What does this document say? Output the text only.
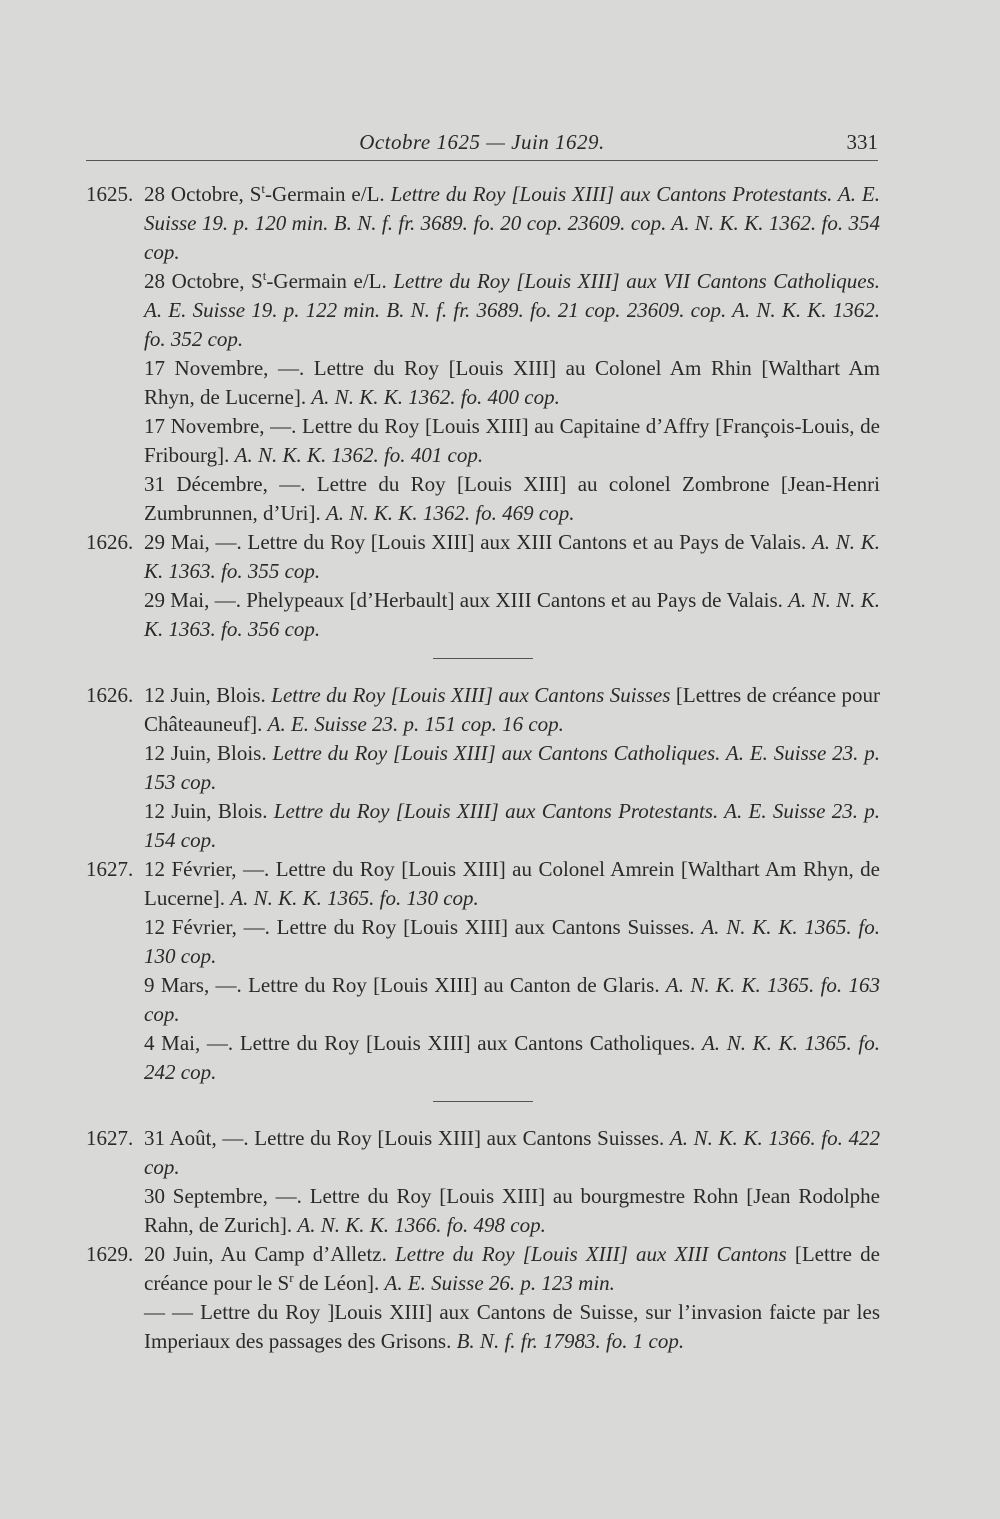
Octobre 1625 — Juin 1629.	331

1625. 28 Octobre, $S^t$-Germain e/L. Lettre du Roy [Louis XIII] aux Cantons Protestants. A. E. Suisse 19. p. 120 min. B. N. f. fr. 3689. fo. 20 cop. 23609. cop. A. N. K. K. 1362. fo. 354 cop.

28 Octobre, $S^t$-Germain e/L. Lettre du Roy [Louis XIII] aux VII Cantons Catholiques. A. E. Suisse 19. p. 122 min. B. N. f. fr. 3689. fo. 21 cop. 23609. cop. A. N. K. K. 1362. fo. 352 cop.

17 Novembre, —. Lettre du Roy [Louis XIII] au Colonel Am Rhin [Walthart Am Rhyn, de Lucerne]. A. N. K. K. 1362. fo. 400 cop.

17 Novembre, —. Lettre du Roy [Louis XIII] au Capitaine d’Affry [François-Louis, de Fribourg]. A. N. K. K. 1362. fo. 401 cop.

31 Décembre, —. Lettre du Roy [Louis XIII] au colonel Zombrone [Jean-Henri Zumbrunnen, d’Uri]. A. N. K. K. 1362. fo. 469 cop.

1626. 29 Mai, —. Lettre du Roy [Louis XIII] aux XIII Cantons et au Pays de Valais. A. N. K. K. 1363. fo. 355 cop.

29 Mai, —. Phelypeaux [d’Herbault] aux XIII Cantons et au Pays de Valais. A. N. N. K. K. 1363. fo. 356 cop.

1626. 12 Juin, Blois. Lettre du Roy [Louis XIII] aux Cantons Suisses [Lettres de créance pour Châteauneuf]. A. E. Suisse 23. p. 151 cop. 16 cop.

12 Juin, Blois. Lettre du Roy [Louis XIII] aux Cantons Catholiques. A. E. Suisse 23. p. 153 cop.

12 Juin, Blois. Lettre du Roy [Louis XIII] aux Cantons Protestants. A. E. Suisse 23. p. 154 cop.

1627. 12 Février, —. Lettre du Roy [Louis XIII] au Colonel Amrein [Walthart Am Rhyn, de Lucerne]. A. N. K. K. 1365. fo. 130 cop.

12 Février, —. Lettre du Roy [Louis XIII] aux Cantons Suisses. A. N. K. K. 1365. fo. 130 cop.

9 Mars, —. Lettre du Roy [Louis XIII] au Canton de Glaris. A. N. K. K. 1365. fo. 163 cop.

4 Mai, —. Lettre du Roy [Louis XIII] aux Cantons Catholiques. A. N. K. K. 1365. fo. 242 cop.

1627. 31 Août, —. Lettre du Roy [Louis XIII] aux Cantons Suisses. A. N. K. K. 1366. fo. 422 cop.

30 Septembre, —. Lettre du Roy [Louis XIII] au bourgmestre Rohn [Jean Rodolphe Rahn, de Zurich]. A. N. K. K. 1366. fo. 498 cop.

1629. 20 Juin, Au Camp d’Alletz. Lettre du Roy [Louis XIII] aux XIII Cantons [Lettre de créance pour le $S^r$ de Léon]. A. E. Suisse 26. p. 123 min.

— — Lettre du Roy ]Louis XIII] aux Cantons de Suisse, sur l’invasion faicte par les Imperiaux des passages des Grisons. B. N. f. fr. 17983. fo. 1 cop.
